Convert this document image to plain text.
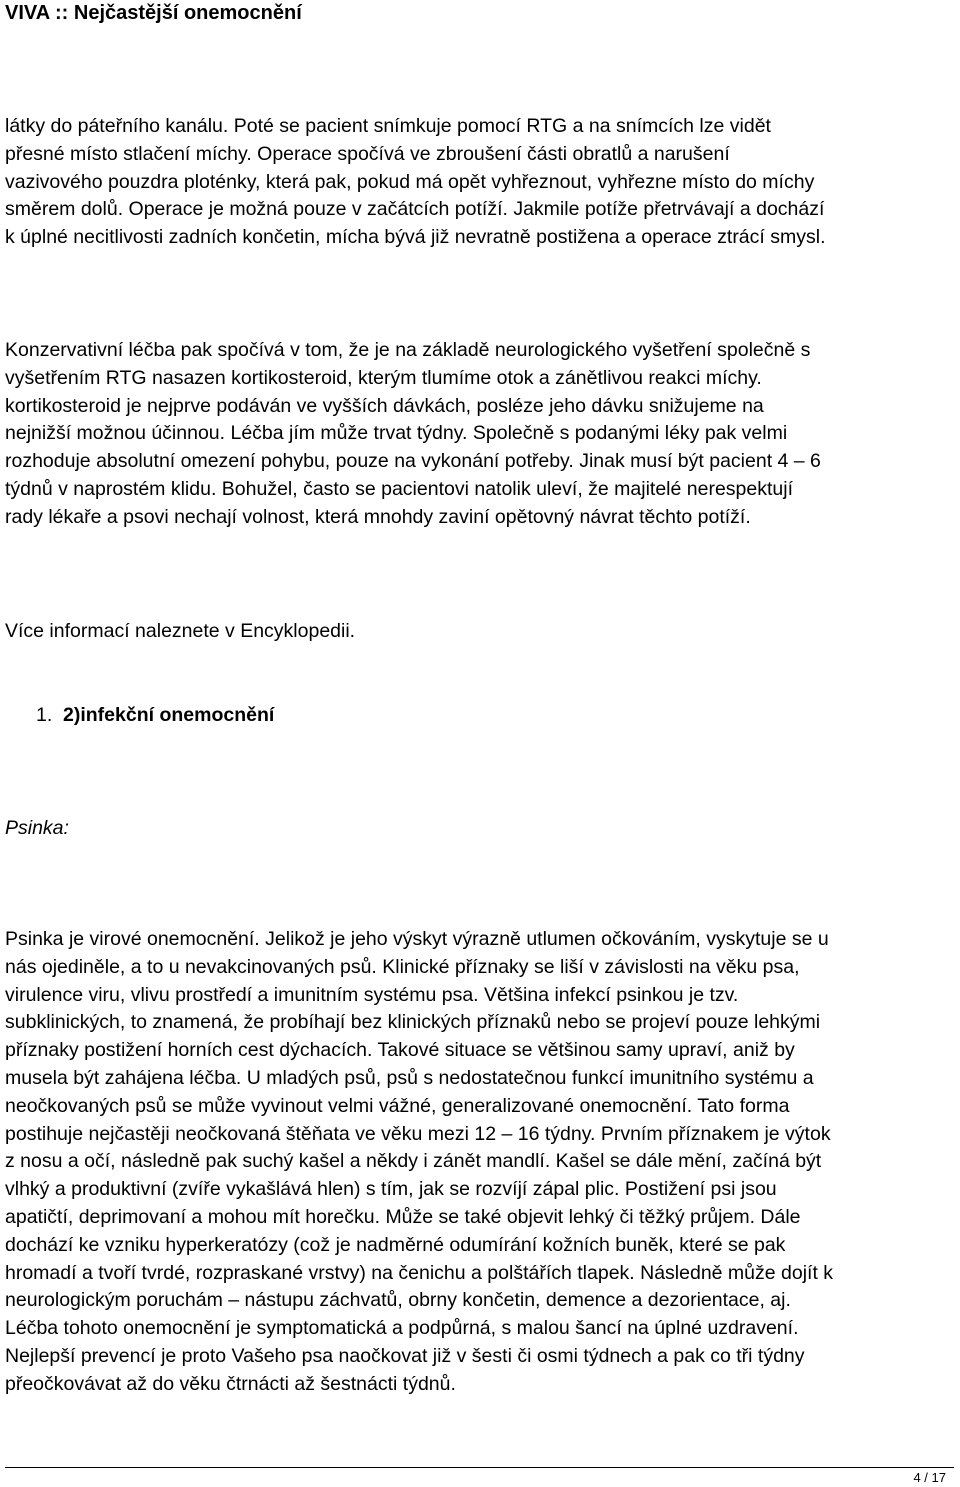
VIVA :: Nejčastější onemocnění
látky do páteřního kanálu. Poté se pacient snímkuje pomocí RTG a na snímcích lze vidět
přesné místo stlačení míchy. Operace spočívá ve zbroušení části obratlů a narušení
vazivového pouzdra ploténky, která pak, pokud má opět vyhřeznout, vyhřezne místo do míchy
směrem dolů. Operace je možná pouze v začátcích potíží. Jakmile potíže přetrvávají a dochází
k úplné necitlivosti zadních končetin, mícha bývá již nevratně postižena a operace ztrácí smysl.
Konzervativní léčba pak spočívá v tom, že je na základě neurologického vyšetření společně s
vyšetřením RTG nasazen kortikosteroid, kterým tlumíme otok a zánětlivou reakci míchy.
kortikosteroid je nejprve podáván ve vyšších dávkách, posléze jeho dávku snižujeme na
nejnižší možnou účinnou. Léčba jím může trvat týdny. Společně s podanými léky pak velmi
rozhoduje absolutní omezení pohybu, pouze na vykonání potřeby. Jinak musí být pacient 4 – 6
týdnů v naprostém klidu. Bohužel, často se pacientovi natolik uleví, že majitelé nerespektují
rady lékaře a psovi nechají volnost, která mnohdy zaviní opětovný návrat těchto potíží.
Více informací naleznete v Encyklopedii.
1. 2)infekční onemocnění
Psinka:
Psinka je virové onemocnění. Jelikož je jeho výskyt výrazně utlumen očkováním, vyskytuje se u
nás ojediněle, a to u nevakcinovaných psů. Klinické příznaky se liší v závislosti na věku psa,
virulence viru, vlivu prostředí a imunitním systému psa. Většina infekcí psinkou je tzv.
subklinických, to znamená, že probíhají bez klinických příznaků nebo se projeví pouze lehkými
příznaky postižení horních cest dýchacích. Takové situace se většinou samy upraví, aniž by
musela být zahájena léčba. U mladých psů, psů s nedostatečnou funkcí imunitního systému a
neočkovaných psů se může vyvinout velmi vážné, generalizované onemocnění. Tato forma
postihuje nejčastěji neočkovaná štěňata ve věku mezi 12 – 16 týdny. Prvním příznakem je výtok
z nosu a očí, následně pak suchý kašel a někdy i zánět mandlí. Kašel se dále mění, začíná být
vlhký a produktivní (zvíře vykašlává hlen) s tím, jak se rozvíjí zápal plic. Postižení psi jsou
apatičtí, deprimovaní a mohou mít horečku. Může se také objevit lehký či těžký průjem. Dále
dochází ke vzniku hyperkeratózy (což je nadměrné odumírání kožních buněk, které se pak
hromadí a tvoří tvrdé, rozpraskané vrstvy) na čenichu a polštářích tlapek. Následně může dojít k
neurologickým poruchám – nástupu záchvatů, obrny končetin, demence a dezorientace, aj.
Léčba tohoto onemocnění je symptomatická a podpůrná, s malou šancí na úplné uzdravení.
Nejlepší prevencí je proto Vašeho psa naočkovat již v šesti či osmi týdnech a pak co tři týdny
přeočkovávat až do věku čtrnácti až šestnácti týdnů.
4 / 17
